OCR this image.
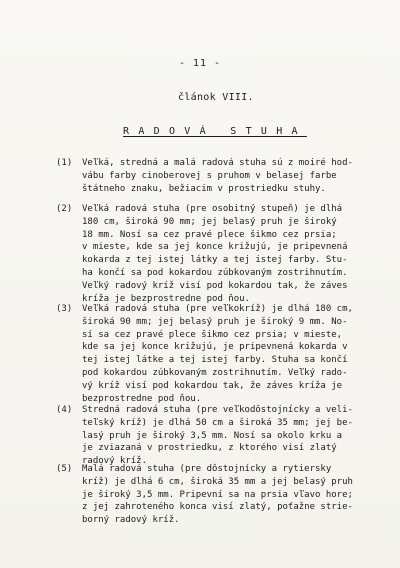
- 11 -
článok VIII.
RADOVÁ STUHA
(1) Veľká, stredná a malá radová stuha sú z moiré hod-
vábu farby cinoberovej s pruhom v belasej farbe
štátneho znaku, bežiacim v prostriedku stuhy.
(2) Veľká radová stuha (pre osobitný stupeň) je dlhá
180 cm, široká 90 mm; jej belasý pruh je široký
18 mm. Nosí sa cez pravé plece šikmo cez prsia;
v mieste, kde sa jej konce križujú, je pripevnená
kokarda z tej istej látky a tej istej farby. Stu-
ha končí sa pod kokardou zúbkovaným zostrihnutím.
Veľký radový kríž visí pod kokardou tak, že záves
kríža je bezprostredne pod ňou.
(3) Veľká radová stuha (pre veľkokríž) je dlhá 180 cm,
široká 90 mm; jej belasý pruh je široký 9 mm. No-
sí sa cez pravé plece šikmo cez prsia; v mieste,
kde sa jej konce križujú, je pripevnená kokarda v
tej istej látke a tej istej farby. Stuha sa končí
pod kokardou zúbkovaným zostrihnutím. Veľký rado-
vý kríž visí pod kokardou tak, že záves kríža je
bezprostredne pod ňou.
(4) Stredná radová stuha (pre veľkodôstojnícky a veli-
teľský kríž) je dlhá 50 cm a široká 35 mm; jej be-
lasý pruh je široký 3,5 mm. Nosí sa okolo krku a
je zviazaná v prostriedku, z ktorého visí zlatý
radový kríž.
(5) Malá radová stuha (pre dôstojnícky a rytiersky
kríž) je dlhá 6 cm, široká 35 mm a jej belasý pruh
je široký 3,5 mm. Pripevní sa na prsia vľavo hore;
z jej zahroteného konca visí zlatý, poťažne strie-
borný radový kríž.
